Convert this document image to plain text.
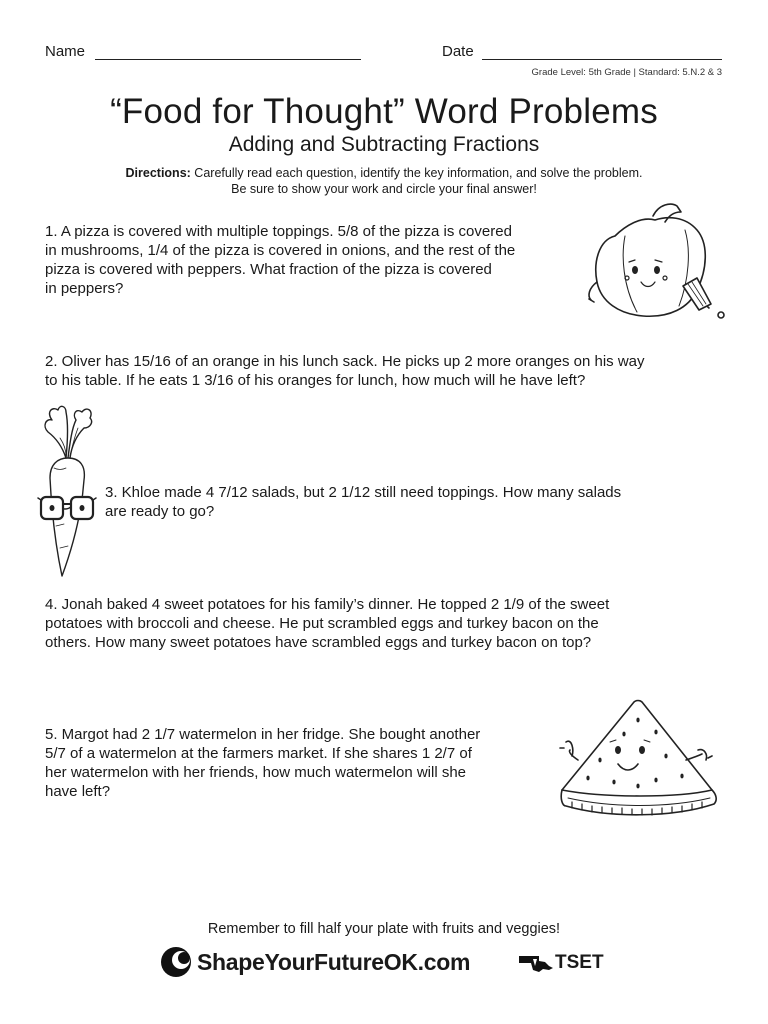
Name	Date
Grade Level: 5th Grade | Standard: 5.N.2 & 3
“Food for Thought” Word Problems
Adding and Subtracting Fractions
Directions: Carefully read each question, identify the key information, and solve the problem.
Be sure to show your work and circle your final answer!
1. A pizza is covered with multiple toppings. 5/8 of the pizza is covered
in mushrooms, 1/4 of the pizza is covered in onions, and the rest of the
pizza is covered with peppers. What fraction of the pizza is covered
in peppers?
2. Oliver has 15/16 of an orange in his lunch sack. He picks up 2 more oranges on his way
to his table. If he eats 1 3/16 of his oranges for lunch, how much will he have left?
3. Khloe made 4 7/12 salads, but 2 1/12 still need toppings. How many salads
are ready to go?
4. Jonah baked 4 sweet potatoes for his family’s dinner. He topped 2 1/9 of the sweet
potatoes with broccoli and cheese. He put scrambled eggs and turkey bacon on the
others. How many sweet potatoes have scrambled eggs and turkey bacon on top?
5. Margot had 2 1/7 watermelon in her fridge. She bought another
5/7 of a watermelon at the farmers market. If she shares 1 2/7 of
her watermelon with her friends, how much watermelon will she
have left?
Remember to fill half your plate with fruits and veggies!
ShapeYourFutureOK.com	TSET
